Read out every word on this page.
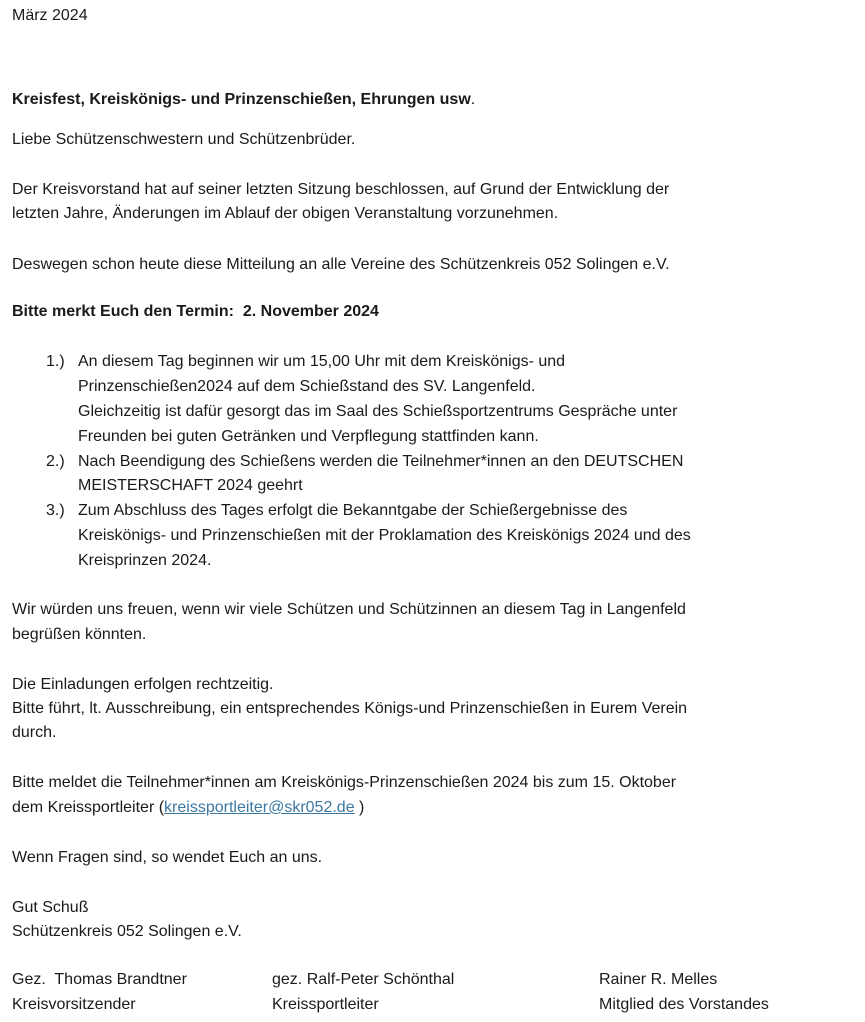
März 2024
Kreisfest, Kreiskönigs- und Prinzenschießen, Ehrungen usw.
Liebe Schützenschwestern und Schützenbrüder.
Der Kreisvorstand hat auf seiner letzten Sitzung beschlossen, auf Grund der Entwicklung der
letzten Jahre, Änderungen im Ablauf der obigen Veranstaltung vorzunehmen.
Deswegen schon heute diese Mitteilung an alle Vereine des Schützenkreis 052 Solingen e.V.
Bitte merkt Euch den Termin:  2. November 2024
1.) An diesem Tag beginnen wir um 15,00 Uhr mit dem Kreiskönigs- und
Prinzenschießen2024 auf dem Schießstand des SV. Langenfeld.
Gleichzeitig ist dafür gesorgt das im Saal des Schießsportzentrums Gespräche unter
Freunden bei guten Getränken und Verpflegung stattfinden kann.
2.) Nach Beendigung des Schießens werden die Teilnehmer*innen an den DEUTSCHEN
MEISTERSCHAFT 2024 geehrt
3.) Zum Abschluss des Tages erfolgt die Bekanntgabe der Schießergebnisse des
Kreiskönigs- und Prinzenschießen mit der Proklamation des Kreiskönigs 2024 und des
Kreisprinzen 2024.
Wir würden uns freuen, wenn wir viele Schützen und Schützinnen an diesem Tag in Langenfeld
begrüßen könnten.
Die Einladungen erfolgen rechtzeitig.
Bitte führt, lt. Ausschreibung, ein entsprechendes Königs-und Prinzenschießen in Eurem Verein
durch.
Bitte meldet die Teilnehmer*innen am Kreiskönigs-Prinzenschießen 2024 bis zum 15. Oktober
dem Kreissportleiter (kreissportleiter@skr052.de )
Wenn Fragen sind, so wendet Euch an uns.
Gut Schuß
Schützenkreis 052 Solingen e.V.
Gez.  Thomas Brandtner
Kreisvorsitzender
gez. Ralf-Peter Schönthal
Kreissportleiter
Rainer R. Melles
Mitglied des Vorstandes
